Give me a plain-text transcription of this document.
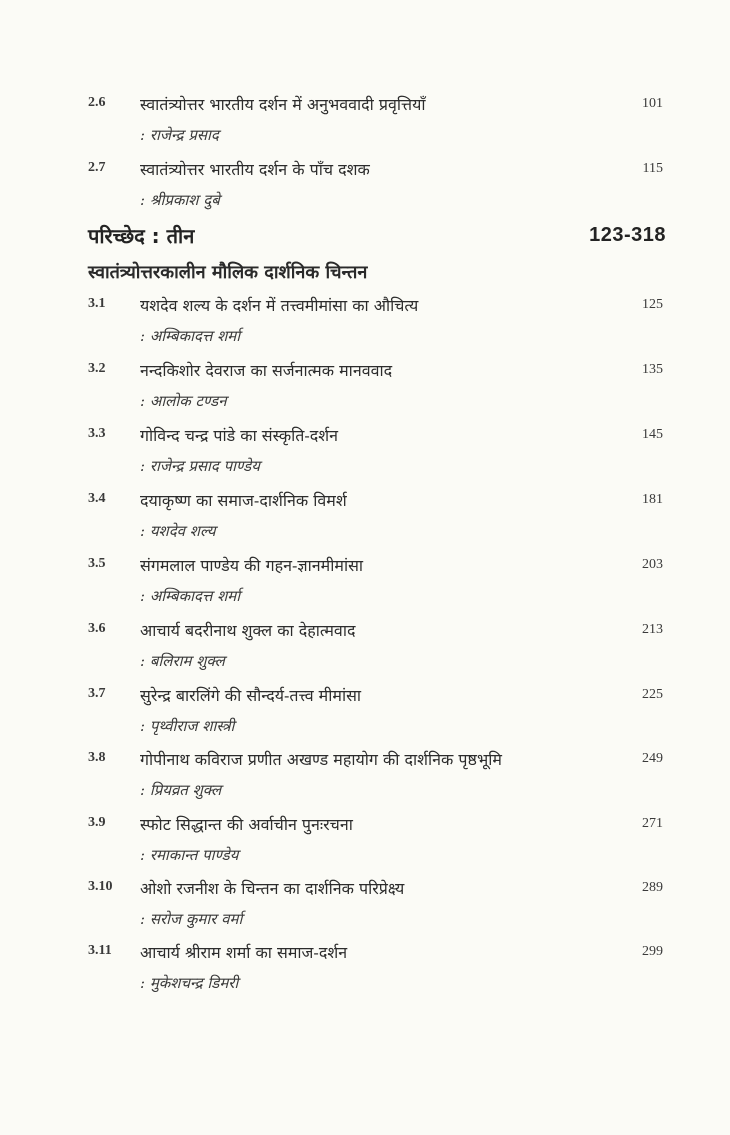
2.6 स्वातंत्र्योत्तर भारतीय दर्शन में अनुभववादी प्रवृत्तियाँ	101
: राजेन्द्र प्रसाद
2.7 स्वातंत्र्योत्तर भारतीय दर्शन के पाँच दशक	115
: श्रीप्रकाश दुबे
परिच्छेद : तीन	123-318
स्वातंत्र्योत्तरकालीन मौलिक दार्शनिक चिन्तन
3.1 यशदेव शल्य के दर्शन में तत्त्वमीमांसा का औचित्य	125
: अम्बिकादत्त शर्मा
3.2 नन्दकिशोर देवराज का सर्जनात्मक मानववाद	135
: आलोक टण्डन
3.3 गोविन्द चन्द्र पांडे का संस्कृति-दर्शन	145
: राजेन्द्र प्रसाद पाण्डेय
3.4 दयाकृष्ण का समाज-दार्शनिक विमर्श	181
: यशदेव शल्य
3.5 संगमलाल पाण्डेय की गहन-ज्ञानमीमांसा	203
: अम्बिकादत्त शर्मा
3.6 आचार्य बदरीनाथ शुक्ल का देहात्मवाद	213
: बलिराम शुक्ल
3.7 सुरेन्द्र बारलिंगे की सौन्दर्य-तत्त्व मीमांसा	225
: पृथ्वीराज शास्त्री
3.8 गोपीनाथ कविराज प्रणीत अखण्ड महायोग की दार्शनिक पृष्ठभूमि	249
: प्रियव्रत शुक्ल
3.9 स्फोट सिद्धान्त की अर्वाचीन पुनःरचना	271
: रमाकान्त पाण्डेय
3.10 ओशो रजनीश के चिन्तन का दार्शनिक परिप्रेक्ष्य	289
: सरोज कुमार वर्मा
3.11 आचार्य श्रीराम शर्मा का समाज-दर्शन	299
: मुकेशचन्द्र डिमरी
